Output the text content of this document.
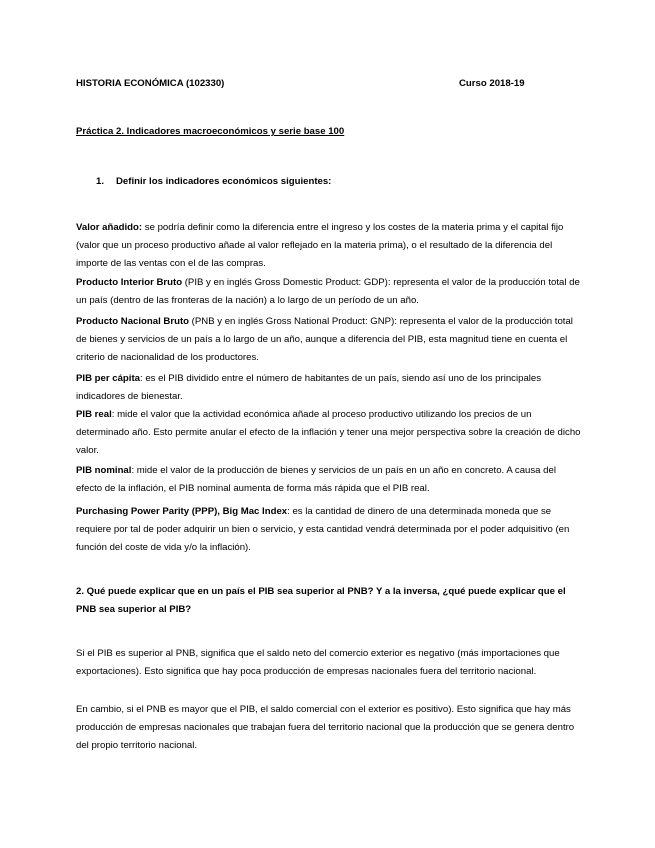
HISTORIA ECONÓMICA (102330)	Curso 2018-19
Práctica 2. Indicadores macroeconómicos y serie base 100
1. Definir los indicadores económicos siguientes:

Valor añadido: se podría definir como la diferencia entre el ingreso y los costes de la materia prima y el capital fijo (valor que un proceso productivo añade al valor reflejado en la materia prima), o el resultado de la diferencia del importe de las ventas con el de las compras.

Producto Interior Bruto (PIB y en inglés Gross Domestic Product: GDP): representa el valor de la producción total de un país (dentro de las fronteras de la nación) a lo largo de un período de un año.

Producto Nacional Bruto (PNB y en inglés Gross National Product: GNP): representa el valor de la producción total de bienes y servicios de un país a lo largo de un año, aunque a diferencia del PIB, esta magnitud tiene en cuenta el criterio de nacionalidad de los productores.

PIB per cápita: es el PIB dividido entre el número de habitantes de un país, siendo así uno de los principales indicadores de bienestar.

PIB real: mide el valor que la actividad económica añade al proceso productivo utilizando los precios de un determinado año. Esto permite anular el efecto de la inflación y tener una mejor perspectiva sobre la creación de dicho valor.

PIB nominal: mide el valor de la producción de bienes y servicios de un país en un año en concreto. A causa del efecto de la inflación, el PIB nominal aumenta de forma más rápida que el PIB real.

Purchasing Power Parity (PPP), Big Mac Index: es la cantidad de dinero de una determinada moneda que se requiere por tal de poder adquirir un bien o servicio, y esta cantidad vendrá determinada por el poder adquisitivo (en función del coste de vida y/o la inflación).

2. Qué puede explicar que en un país el PIB sea superior al PNB? Y a la inversa, ¿qué puede explicar que el PNB sea superior al PIB?

Si el PIB es superior al PNB, significa que el saldo neto del comercio exterior es negativo (más importaciones que exportaciones). Esto significa que hay poca producción de empresas nacionales fuera del territorio nacional.

En cambio, si el PNB es mayor que el PIB, el saldo comercial con el exterior es positivo). Esto significa que hay más producción de empresas nacionales que trabajan fuera del territorio nacional que la producción que se genera dentro del propio territorio nacional.
